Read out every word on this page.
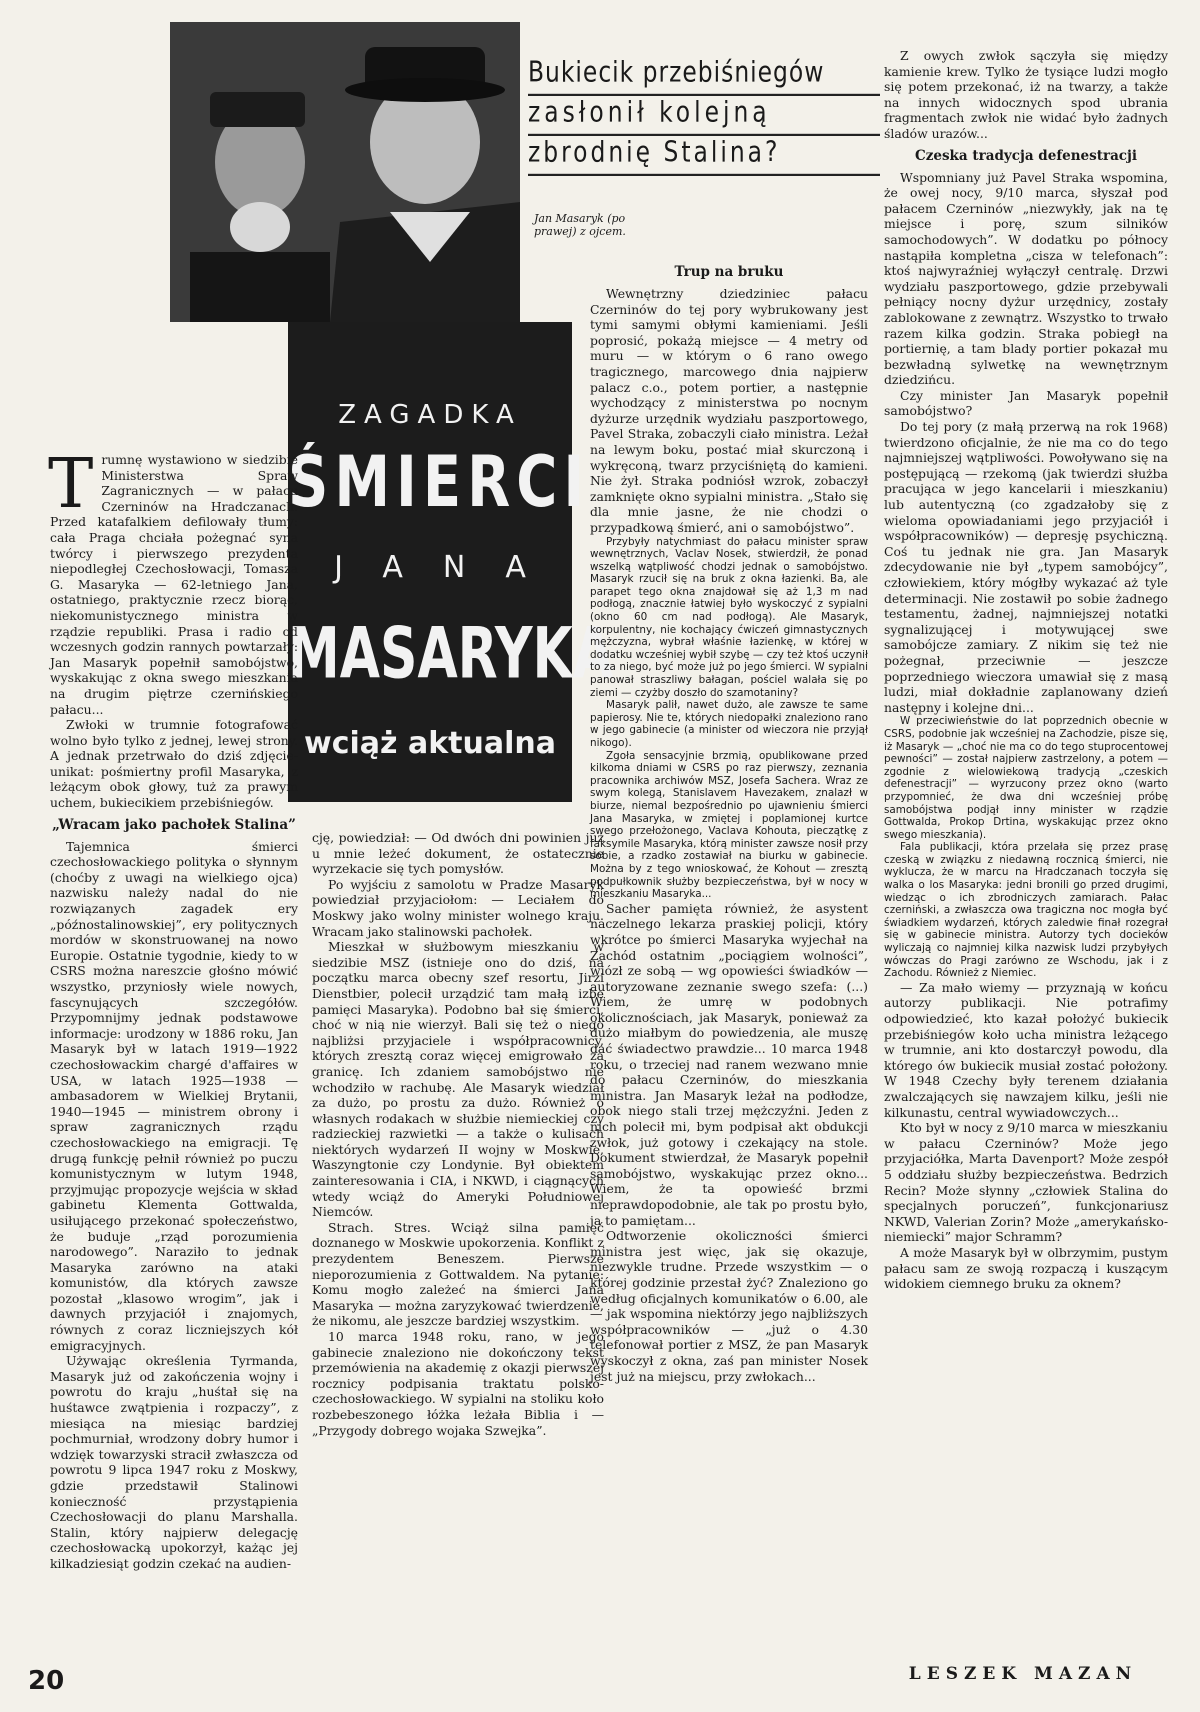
Bukiecik przebiśniegów
zasłonił kolejną
zbrodnię Stalina?
Jan Masaryk (po prawej) z ojcem.
ZAGADKA
ŚMIERCI
JANA
MASARYKA
wciąż aktualna
T rumnę wystawiono w siedzibie Ministerstwa Spraw Zagranicznych — w pałacu Czerninów na Hradczanach. Przed katafalkiem defilowały tłumy: cała Praga chciała pożegnać syna twórcy i pierwszego prezydenta niepodległej Czechosłowacji, Tomasza G. Masaryka — 62-letniego Jana, ostatniego, praktycznie rzecz biorąc, niekomunistycznego ministra w rządzie republiki. Prasa i radio od wczesnych godzin rannych powtarzały: Jan Masaryk popełnił samobójstwo, wyskakując z okna swego mieszkania na drugim piętrze czernińskiego pałacu...

Zwłoki w trumnie fotografować wolno było tylko z jednej, lewej strony. A jednak przetrwało do dziś zdjęcie-unikat: pośmiertny profil Masaryka, z leżącym obok głowy, tuż za prawym uchem, bukiecikiem przebiśniegów.

„Wracam jako pachołek Stalina”

Tajemnica śmierci czechosłowackiego polityka o słynnym (choćby z uwagi na wielkiego ojca) nazwisku należy nadal do nie rozwiązanych zagadek ery „późnostalinowskiej”, ery politycznych mordów w skonstruowanej na nowo Europie. Ostatnie tygodnie, kiedy to w CSRS można nareszcie głośno mówić wszystko, przyniosły wiele nowych, fascynujących szczegółów. Przypomnijmy jednak podstawowe informacje: urodzony w 1886 roku, Jan Masaryk był w latach 1919—1922 czechosłowackim chargé d'affaires w USA, w latach 1925—1938 — ambasadorem w Wielkiej Brytanii, 1940—1945 — ministrem obrony i spraw zagranicznych rządu czechosłowackiego na emigracji. Tę drugą funkcję pełnił również po puczu komunistycznym w lutym 1948, przyjmując propozycje wejścia w skład gabinetu Klementa Gottwalda, usiłującego przekonać społeczeństwo, że buduje „rząd porozumienia narodowego”. Naraziło to jednak Masaryka zarówno na ataki komunistów, dla których zawsze pozostał „klasowo wrogim”, jak i dawnych przyjaciół i znajomych, równych z coraz liczniejszych kół emigracyjnych.

Używając określenia Tyrmanda, Masaryk już od zakończenia wojny i powrotu do kraju „huśtał się na huśtawce zwątpienia i rozpaczy”, z miesiąca na miesiąc bardziej pochmurniał, wrodzony dobry humor i wdzięk towarzyski stracił zwłaszcza od powrotu 9 lipca 1947 roku z Moskwy, gdzie przedstawił Stalinowi konieczność przystąpienia Czechosłowacji do planu Marshalla. Stalin, który najpierw delegację czechosłowacką upokorzył, każąc jej kilkadziesiąt godzin czekać na audien-

cję, powiedział: — Od dwóch dni powinien już u mnie leżeć dokument, że ostatecznie wyrzekacie się tych pomysłów.

Po wyjściu z samolotu w Pradze Masaryk powiedział przyjaciołom: — Leciałem do Moskwy jako wolny minister wolnego kraju. Wracam jako stalinowski pachołek.

Mieszkał w służbowym mieszkaniu w siedzibie MSZ (istnieje ono do dziś, na początku marca obecny szef resortu, Jirzi Dienstbier, polecił urządzić tam małą izbę pamięci Masaryka). Podobno bał się śmierci, choć w nią nie wierzył. Bali się też o niego najbliżsi przyjaciele i współpracownicy, których zresztą coraz więcej emigrowało za granicę. Ich zdaniem samobójstwo nie wchodziło w rachubę. Ale Masaryk wiedział za dużo, po prostu za dużo. Również o własnych rodakach w służbie niemieckiej czy radzieckiej razwietki — a także o kulisach niektórych wydarzeń II wojny w Moskwie, Waszyngtonie czy Londynie. Był obiektem zainteresowania i CIA, i NKWD, i ciągnących wtedy wciąż do Ameryki Południowej Niemców.

Strach. Stres. Wciąż silna pamięć doznanego w Moskwie upokorzenia. Konflikt z prezydentem Beneszem. Pierwsze nieporozumienia z Gottwaldem. Na pytanie: Komu mogło zależeć na śmierci Jana Masaryka — można zaryzykować twierdzenie, że nikomu, ale jeszcze bardziej wszystkim.

10 marca 1948 roku, rano, w jego gabinecie znaleziono nie dokończony tekst przemówienia na akademię z okazji pierwszej rocznicy podpisania traktatu polsko-czechosłowackiego. W sypialni na stoliku koło rozbebeszonego łóżka leżała Biblia i — „Przygody dobrego wojaka Szwejka”.

Trup na bruku

Wewnętrzny dziedziniec pałacu Czerninów do tej pory wybrukowany jest tymi samymi obłymi kamieniami. Jeśli poprosić, pokażą miejsce — 4 metry od muru — w którym o 6 rano owego tragicznego, marcowego dnia najpierw palacz c.o., potem portier, a następnie wychodzący z ministerstwa po nocnym dyżurze urzędnik wydziału paszportowego, Pavel Straka, zobaczyli ciało ministra. Leżał na lewym boku, postać miał skurczoną i wykręconą, twarz przyciśniętą do kamieni. Nie żył. Straka podniósł wzrok, zobaczył zamknięte okno sypialni ministra. „Stało się dla mnie jasne, że nie chodzi o przypadkową śmierć, ani o samobójstwo”.

Przybyły natychmiast do pałacu minister spraw wewnętrznych, Vaclav Nosek, stwierdził, że ponad wszelką wątpliwość chodzi jednak o samobójstwo. Masaryk rzucił się na bruk z okna łazienki. Ba, ale parapet tego okna znajdował się aż 1,3 m nad podłogą, znacznie łatwiej było wyskoczyć z sypialni (okno 60 cm nad podłogą). Ale Masaryk, korpulentny, nie kochający ćwiczeń gimnastycznych mężczyzna, wybrał właśnie łazienkę, w której w dodatku wcześniej wybił szybę — czy też ktoś uczynił to za niego, być może już po jego śmierci. W sypialni panował straszliwy bałagan, pościel walała się po ziemi — czyżby doszło do szamotaniny?

Masaryk palił, nawet dużo, ale zawsze te same papierosy. Nie te, których niedopałki znaleziono rano w jego gabinecie (a minister od wieczora nie przyjął nikogo).

Zgoła sensacyjnie brzmią, opublikowane przed kilkoma dniami w CSRS po raz pierwszy, zeznania pracownika archiwów MSZ, Josefa Sachera. Wraz ze swym kolegą, Stanislavem Havezakem, znalazł w biurze, niemal bezpośrednio po ujawnieniu śmierci Jana Masaryka, w zmiętej i poplamionej kurtce swego przełożonego, Vaclava Kohouta, pieczątkę z faksymile Masaryka, którą minister zawsze nosił przy sobie, a rzadko zostawiał na biurku w gabinecie. Można by z tego wnioskować, że Kohout — zresztą podpułkownik służby bezpieczeństwa, był w nocy w mieszkaniu Masaryka...

Sacher pamięta również, że asystent naczelnego lekarza praskiej policji, który wkrótce po śmierci Masaryka wyjechał na Zachód ostatnim „pociągiem wolności”, wiózł ze sobą — wg opowieści świadków — autoryzowane zeznanie swego szefa: (...) Wiem, że umrę w podobnych okolicznościach, jak Masaryk, ponieważ za dużo miałbym do powiedzenia, ale muszę dać świadectwo prawdzie... 10 marca 1948 roku, o trzeciej nad ranem wezwano mnie do pałacu Czerninów, do mieszkania ministra. Jan Masaryk leżał na podłodze, obok niego stali trzej mężczyźni. Jeden z nich polecił mi, bym podpisał akt obdukcji zwłok, już gotowy i czekający na stole. Dokument stwierdzał, że Masaryk popełnił samobójstwo, wyskakując przez okno... Wiem, że ta opowieść brzmi nieprawdopodobnie, ale tak po prostu było, ja to pamiętam...

Odtworzenie okoliczności śmierci ministra jest więc, jak się okazuje, niezwykle trudne. Przede wszystkim — o której godzinie przestał żyć? Znaleziono go według oficjalnych komunikatów o 6.00, ale — jak wspomina niektórzy jego najbliższych współpracowników — „już o 4.30 telefonował portier z MSZ, że pan Masaryk wyskoczył z okna, zaś pan minister Nosek jest już na miejscu, przy zwłokach...

Z owych zwłok sączyła się między kamienie krew. Tylko że tysiące ludzi mogło się potem przekonać, iż na twarzy, a także na innych widocznych spod ubrania fragmentach zwłok nie widać było żadnych śladów urazów...

Czeska tradycja defenestracji

Wspomniany już Pavel Straka wspomina, że owej nocy, 9/10 marca, słyszał pod pałacem Czerninów „niezwykły, jak na tę miejsce i porę, szum silników samochodowych”. W dodatku po północy nastąpiła kompletna „cisza w telefonach”: ktoś najwyraźniej wyłączył centralę. Drzwi wydziału paszportowego, gdzie przebywali pełniący nocny dyżur urzędnicy, zostały zablokowane z zewnątrz. Wszystko to trwało razem kilka godzin. Straka pobiegł na portiernię, a tam blady portier pokazał mu bezwładną sylwetkę na wewnętrznym dziedzińcu.

Czy minister Jan Masaryk popełnił samobójstwo?

Do tej pory (z małą przerwą na rok 1968) twierdzono oficjalnie, że nie ma co do tego najmniejszej wątpliwości. Powoływano się na postępującą — rzekomą (jak twierdzi służba pracująca w jego kancelarii i mieszkaniu) lub autentyczną (co zgadzałoby się z wieloma opowiadaniami jego przyjaciół i współpracowników) — depresję psychiczną. Coś tu jednak nie gra. Jan Masaryk zdecydowanie nie był „typem samobójcy”, człowiekiem, który mógłby wykazać aż tyle determinacji. Nie zostawił po sobie żadnego testamentu, żadnej, najmniejszej notatki sygnalizującej i motywującej swe samobójcze zamiary. Z nikim się też nie pożegnał, przeciwnie — jeszcze poprzedniego wieczora umawiał się z masą ludzi, miał dokładnie zaplanowany dzień następny i kolejne dni...

W przeciwieństwie do lat poprzednich obecnie w CSRS, podobnie jak wcześniej na Zachodzie, pisze się, iż Masaryk — „choć nie ma co do tego stuprocentowej pewności” — został najpierw zastrzelony, a potem — zgodnie z wielowiekową tradycją „czeskich defenestracji” — wyrzucony przez okno (warto przypomnieć, że dwa dni wcześniej próbę samobójstwa podjął inny minister w rządzie Gottwalda, Prokop Drtina, wyskakując przez okno swego mieszkania).

Fala publikacji, która przelała się przez prasę czeską w związku z niedawną rocznicą śmierci, nie wyklucza, że w marcu na Hradczanach toczyła się walka o los Masaryka: jedni bronili go przed drugimi, wiedząc o ich zbrodniczych zamiarach. Pałac czerniński, a zwłaszcza owa tragiczna noc mogła być świadkiem wydarzeń, których zaledwie finał rozegrał się w gabinecie ministra. Autorzy tych docieków wyliczają co najmniej kilka nazwisk ludzi przybyłych wówczas do Pragi zarówno ze Wschodu, jak i z Zachodu. Również z Niemiec.

— Za mało wiemy — przyznają w końcu autorzy publikacji. Nie potrafimy odpowiedzieć, kto kazał położyć bukiecik przebiśniegów koło ucha ministra leżącego w trumnie, ani kto dostarczył powodu, dla którego ów bukiecik musiał zostać położony. W 1948 Czechy były terenem działania zwalczających się nawzajem kilku, jeśli nie kilkunastu, central wywiadowczych...

Kto był w nocy z 9/10 marca w mieszkaniu w pałacu Czerninów? Może jego przyjaciółka, Marta Davenport? Może zespół 5 oddziału służby bezpieczeństwa. Bedrzich Recin? Może słynny „człowiek Stalina do specjalnych poruczeń”, funkcjonariusz NKWD, Valerian Zorin? Może „amerykańsko-niemiecki” major Schramm?

A może Masaryk był w olbrzymim, pustym pałacu sam ze swoją rozpaczą i kuszącym widokiem ciemnego bruku za oknem?

LESZEK MAZAN
20
